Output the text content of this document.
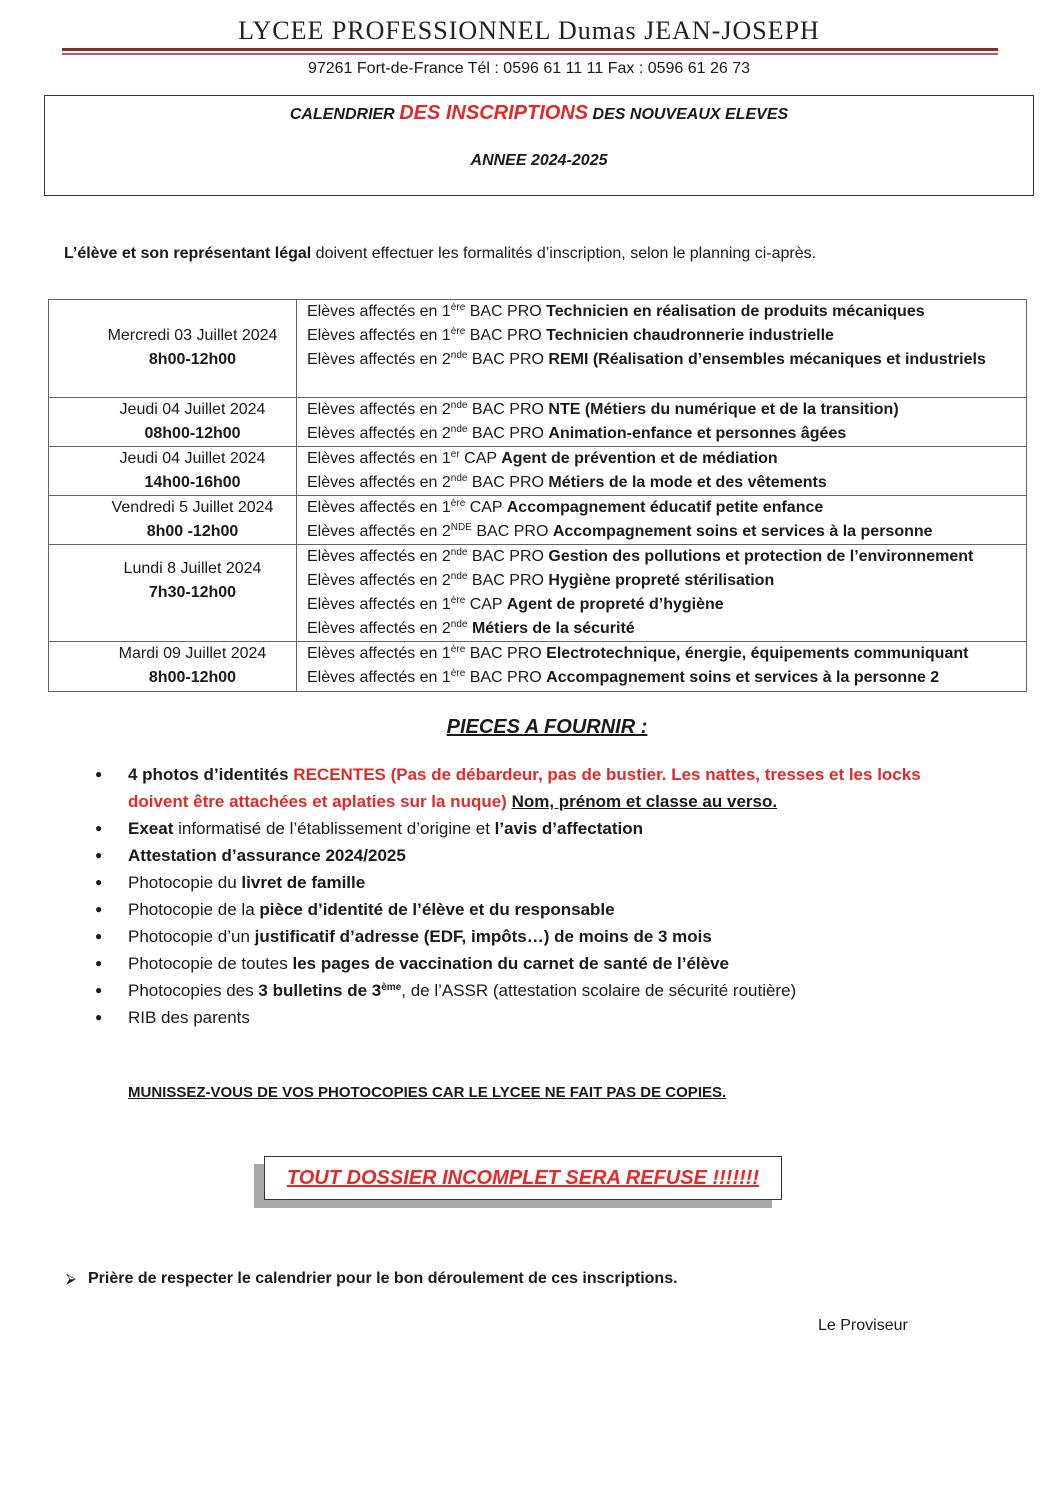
LYCEE PROFESSIONNEL Dumas JEAN-JOSEPH
97261 Fort-de-France Tél : 0596 61 11 11 Fax : 0596 61 26 73
CALENDRIER DES INSCRIPTIONS DES NOUVEAUX ELEVES
ANNEE 2024-2025
L’élève et son représentant légal doivent effectuer les formalités d’inscription, selon le planning ci-après.
Mercredi 03 Juillet 2024
8h00-12h00	Elèves affectés en 1ère BAC PRO Technicien en réalisation de produits mécaniques
Elèves affectés en 1ère BAC PRO Technicien chaudronnerie industrielle
Elèves affectés en 2nde BAC PRO REMI (Réalisation d’ensembles mécaniques et industriels

Jeudi 04 Juillet 2024
08h00-12h00	Elèves affectés en 2nde BAC PRO NTE (Métiers du numérique et de la transition)
Elèves affectés en 2nde BAC PRO Animation-enfance et personnes âgées

Jeudi 04 Juillet 2024
14h00-16h00	Elèves affectés en 1er CAP Agent de prévention et de médiation
Elèves affectés en 2nde BAC PRO Métiers de la mode et des vêtements

Vendredi 5 Juillet 2024
8h00 -12h00	Elèves affectés en 1ère CAP Accompagnement éducatif petite enfance
Elèves affectés en 2NDE BAC PRO Accompagnement soins et services à la personne

Lundi 8 Juillet 2024
7h30-12h00	Elèves affectés en 2nde BAC PRO Gestion des pollutions et protection de l’environnement
Elèves affectés en 2nde BAC PRO Hygiène propreté stérilisation
Elèves affectés en 1ère CAP Agent de propreté d’hygiène
Elèves affectés en 2nde Métiers de la sécurité

Mardi 09 Juillet 2024
8h00-12h00	Elèves affectés en 1ère BAC PRO Electrotechnique, énergie, équipements communiquant
Elèves affectés en 1ère BAC PRO Accompagnement soins et services à la personne 2
PIECES A FOURNIR :
● 4 photos d’identités RECENTES (Pas de débardeur, pas de bustier. Les nattes, tresses et les locks
doivent être attachées et aplaties sur la nuque) Nom, prénom et classe au verso.
● Exeat informatisé de l’établissement d’origine et l’avis d’affectation
● Attestation d’assurance 2024/2025
● Photocopie du livret de famille
● Photocopie de la pièce d’identité de l’élève et du responsable
● Photocopie d’un justificatif d’adresse (EDF, impôts…) de moins de 3 mois
● Photocopie de toutes les pages de vaccination du carnet de santé de l’élève
● Photocopies des 3 bulletins de 3ème, de l’ASSR (attestation scolaire de sécurité routière)
● RIB des parents
MUNISSEZ-VOUS DE VOS PHOTOCOPIES CAR LE LYCEE NE FAIT PAS DE COPIES.
TOUT DOSSIER INCOMPLET SERA REFUSE !!!!!!!
⮚ Prière de respecter le calendrier pour le bon déroulement de ces inscriptions.
Le Proviseur
